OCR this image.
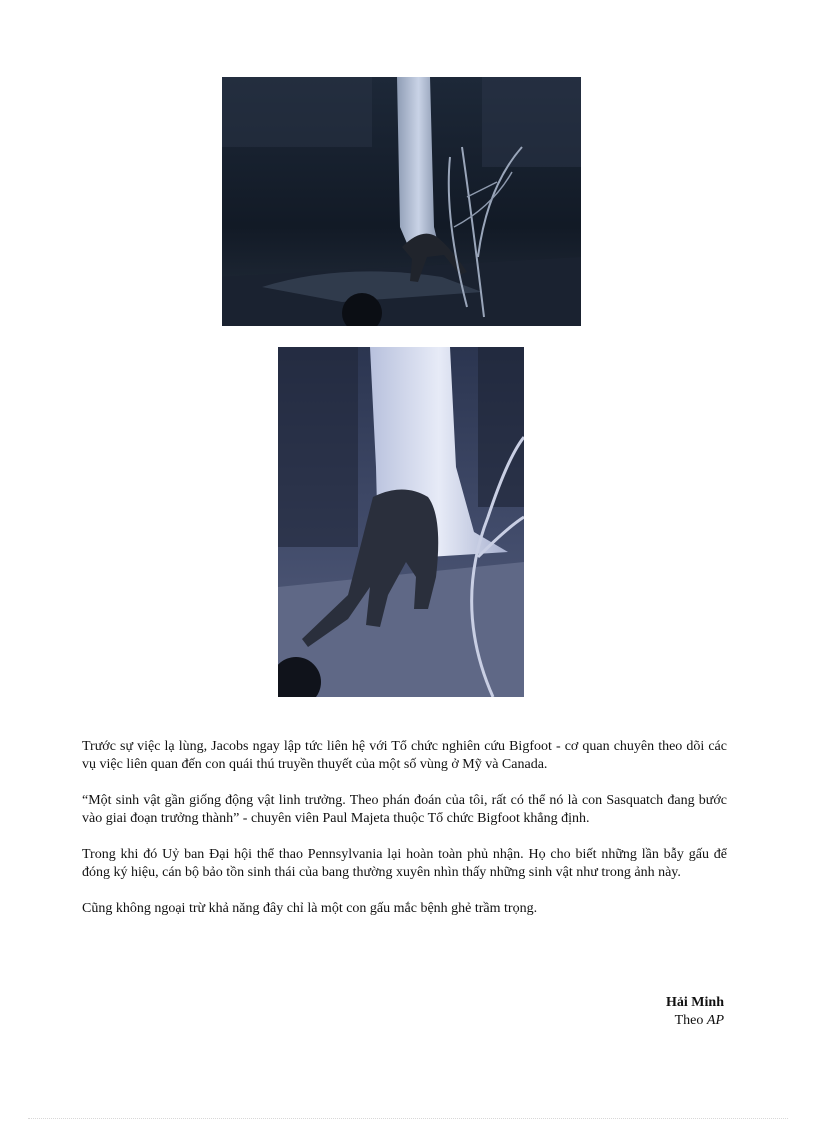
Trước sự việc lạ lùng, Jacobs ngay lập tức liên hệ với Tổ chức nghiên cứu Bigfoot - cơ quan chuyên theo dõi các vụ việc liên quan đến con quái thú truyền thuyết của một số vùng ở Mỹ và Canada.

“Một sinh vật gần giống động vật linh trưởng. Theo phán đoán của tôi, rất có thể nó là con Sasquatch đang bước vào giai đoạn trưởng thành” - chuyên viên Paul Majeta thuộc Tổ chức Bigfoot khẳng định.

Trong khi đó Uỷ ban Đại hội thể thao Pennsylvania lại hoàn toàn phủ nhận. Họ cho biết những lần bẫy gấu để đóng ký hiệu, cán bộ bảo tồn sinh thái của bang thường xuyên nhìn thấy những sinh vật như trong ảnh này.

Cũng không ngoại trừ khả năng đây chỉ là một con gấu mắc bệnh ghẻ trầm trọng.

Hải Minh
Theo AP
